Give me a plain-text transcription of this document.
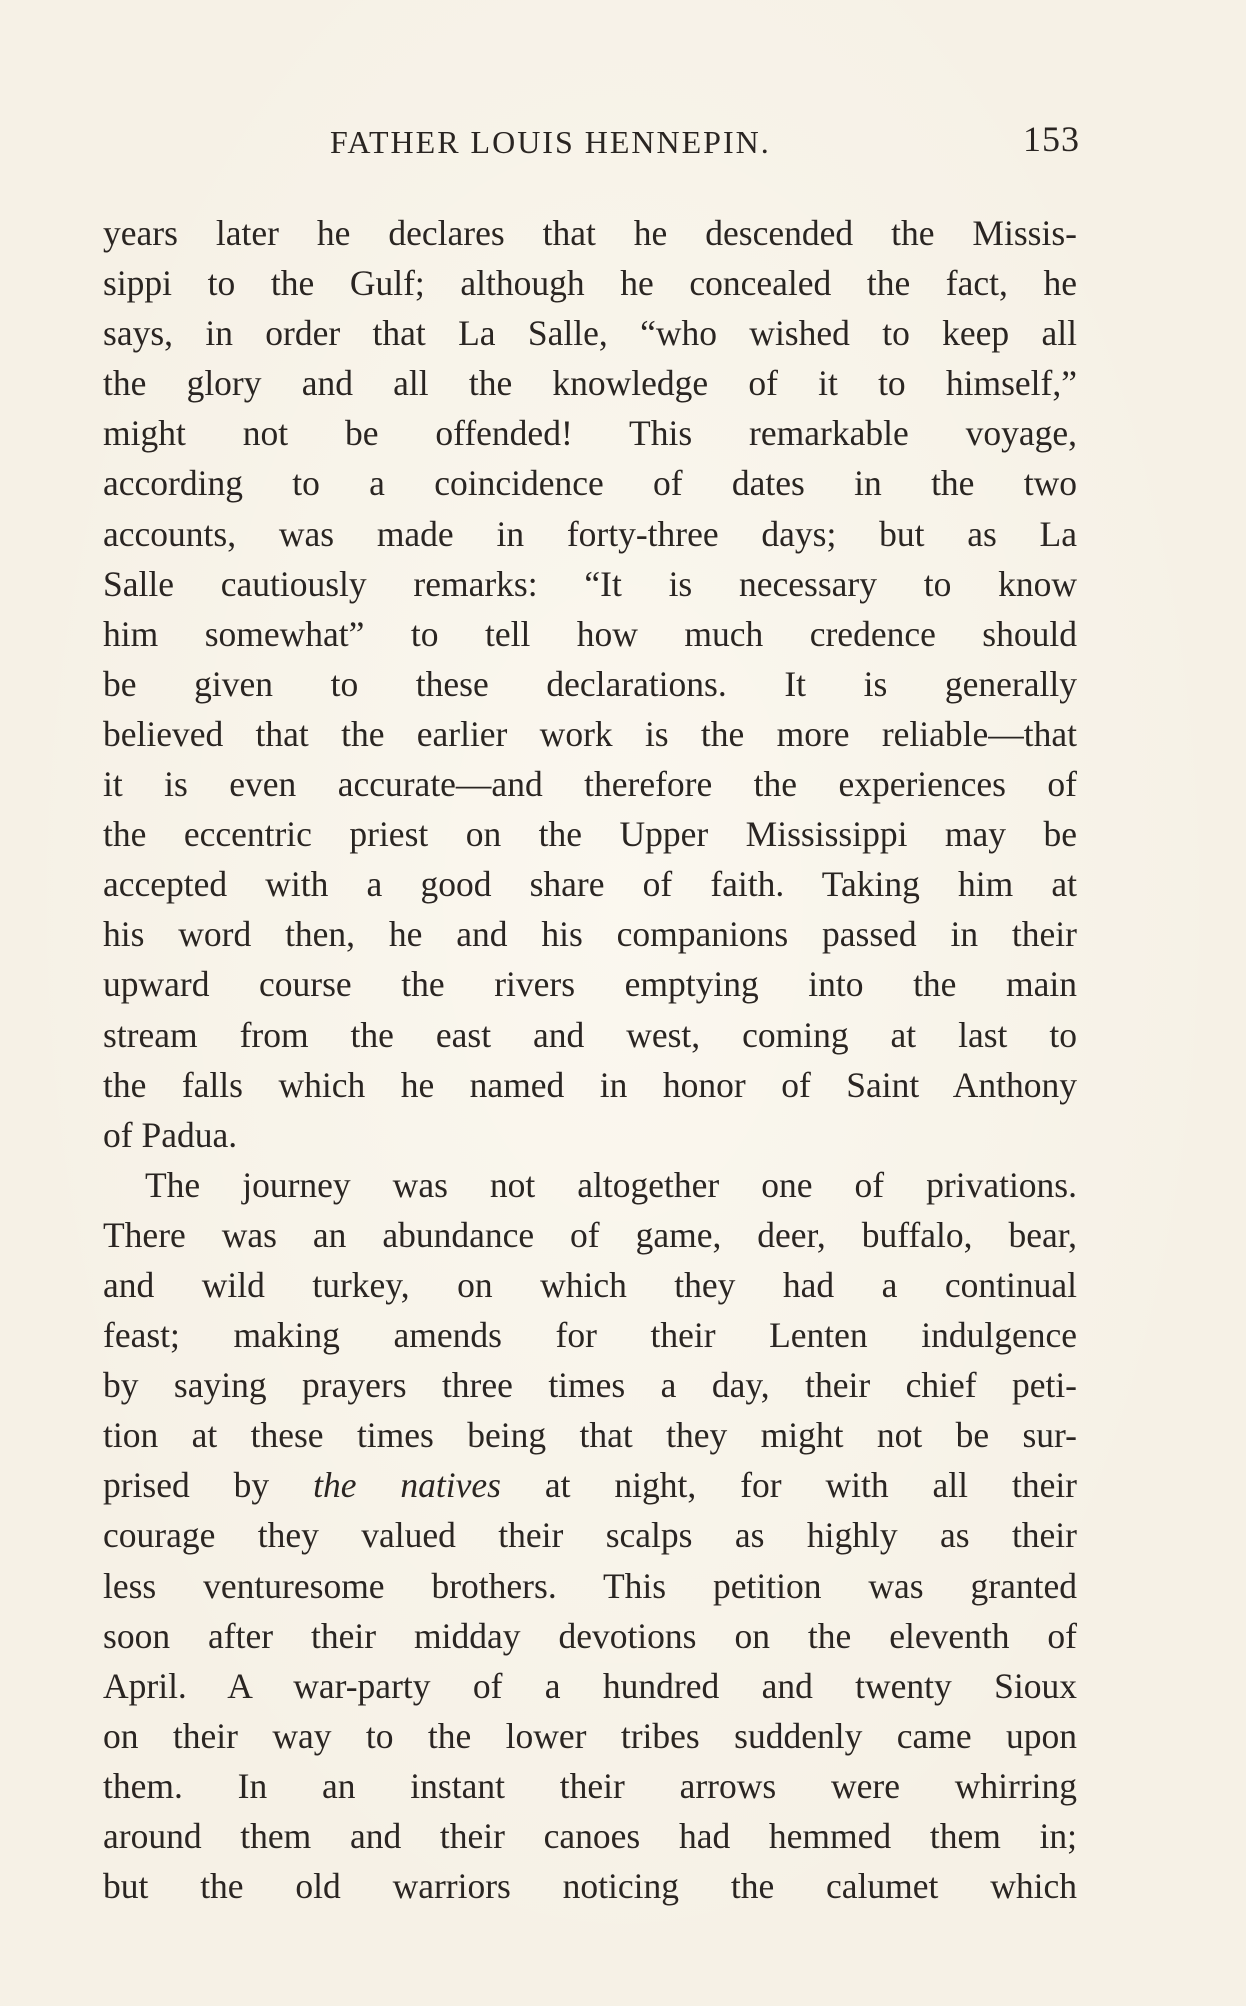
FATHER LOUIS HENNEPIN.	153
years later he declares that he descended the Missis-
sippi to the Gulf; although he concealed the fact, he
says, in order that La Salle, “who wished to keep all
the glory and all the knowledge of it to himself,”
might not be offended! This remarkable voyage,
according to a coincidence of dates in the two
accounts, was made in forty-three days; but as La
Salle cautiously remarks: “It is necessary to know
him somewhat” to tell how much credence should
be given to these declarations. It is generally
believed that the earlier work is the more reliable—that
it is even accurate—and therefore the experiences of
the eccentric priest on the Upper Mississippi may be
accepted with a good share of faith. Taking him at
his word then, he and his companions passed in their
upward course the rivers emptying into the main
stream from the east and west, coming at last to
the falls which he named in honor of Saint Anthony
of Padua.
The journey was not altogether one of privations.
There was an abundance of game, deer, buffalo, bear,
and wild turkey, on which they had a continual
feast; making amends for their Lenten indulgence
by saying prayers three times a day, their chief peti-
tion at these times being that they might not be sur-
prised by the natives at night, for with all their
courage they valued their scalps as highly as their
less venturesome brothers. This petition was granted
soon after their midday devotions on the eleventh of
April. A war-party of a hundred and twenty Sioux
on their way to the lower tribes suddenly came upon
them. In an instant their arrows were whirring
around them and their canoes had hemmed them in;
but the old warriors noticing the calumet which
